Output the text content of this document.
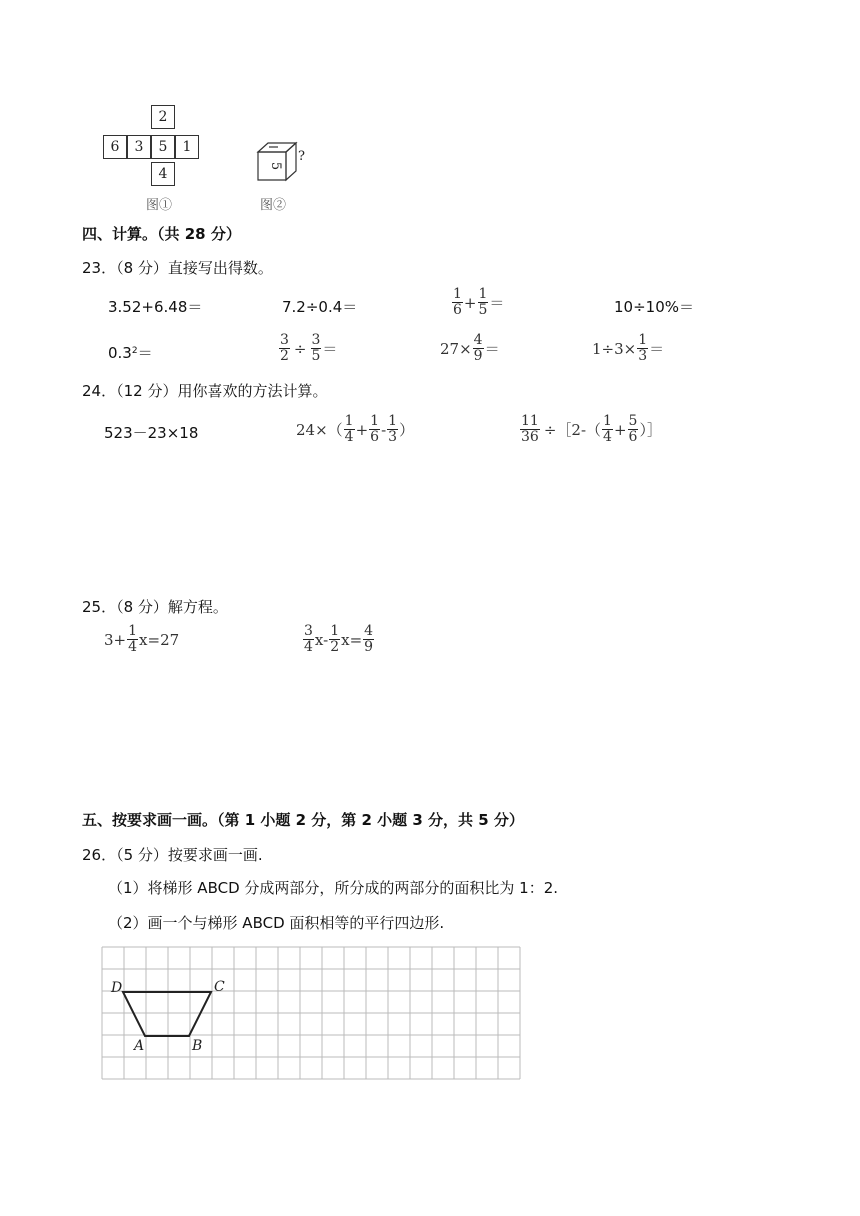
2
6	3	5	1
4
图①
5
?
图②
四、计算。（共 28 分）
23．（8 分）直接写出得数。
3.52+6.48＝	7.2÷0.4＝	$\frac{1}{6} + \frac{1}{5}$ ＝	10÷10%＝
$0.3^2$ ＝	$\frac{3}{2} \div \frac{3}{5}$ ＝	$27\times \frac{4}{9}$ ＝	$1\div 3\times \frac{1}{3}$ ＝
24．（12 分）用你喜欢的方法计算。
523－23×18	$24\times( \frac{1}{4} + \frac{1}{6} - \frac{1}{3}$ ）	$\frac{11}{36}$ ÷［2-（ $\frac{1}{4} + \frac{5}{6}$ ）］
25．（8 分）解方程。
$3+ \frac{1}{4} x=27$	$\frac{3}{4} x- \frac{1}{2} x= \frac{4}{9}$
五、按要求画一画。（第 1 小题 2 分，第 2 小题 3 分，共 5 分）
26．（5 分）按要求画一画.
（1）将梯形 ABCD 分成两部分，所分成的两部分的面积比为 1：2.
（2）画一个与梯形 ABCD 面积相等的平行四边形.
D	C
A	B
